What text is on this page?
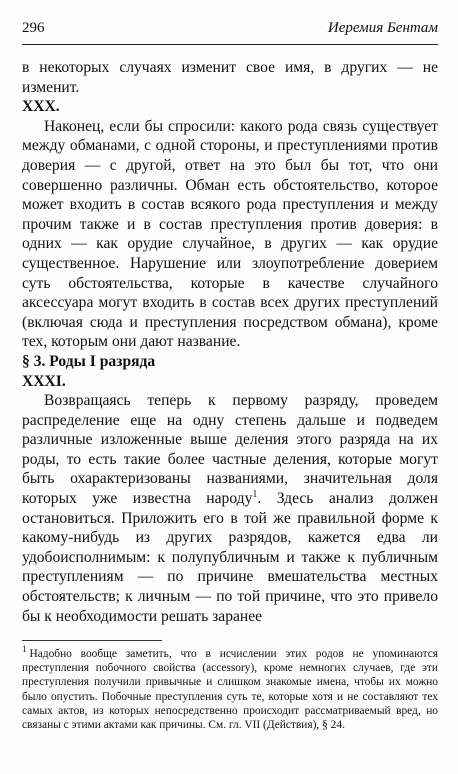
296	Иеремия Бентам

в некоторых случаях изменит свое имя, в других — не изменит.

XXX.

Наконец, если бы спросили: какого рода связь существует между обманами, с одной стороны, и преступлениями против доверия — с другой, ответ на это был бы тот, что они совершенно различны. Обман есть обстоятельство, которое может входить в состав всякого рода преступления и между прочим также и в состав преступления против доверия: в одних — как орудие случайное, в других — как орудие существенное. Нарушение или злоупотребление доверием суть обстоятельства, которые в качестве случайного аксессуара могут входить в состав всех других преступлений (включая сюда и преступления посредством обмана), кроме тех, которым они дают название.

§ 3. Роды I разряда

XXXI.

Возвращаясь теперь к первому разряду, проведем распределение еще на одну степень дальше и подведем различные изложенные выше деления этого разряда на их роды, то есть такие более частные деления, которые могут быть охарактеризованы названиями, значительная доля которых уже известна народу$^1$. Здесь анализ должен остановиться. Приложить его в той же правильной форме к какому-нибудь из других разрядов, кажется едва ли удобоисполнимым: к полупубличным и также к публичным преступлениям — по причине вмешательства местных обстоятельств; к личным — по той причине, что это привело бы к необходимости решать заранее

$^1$ Надобно вообще заметить, что в исчислении этих родов не упоминаются преступления побочного свойства (accessory), кроме немногих случаев, где эти преступления получили привычные и слишком знакомые имена, чтобы их можно было опустить. Побочные преступления суть те, которые хотя и не составляют тех самых актов, из которых непосредственно происходит рассматриваемый вред, но связаны с этими актами как причины. См. гл. VII (Действия), § 24.
